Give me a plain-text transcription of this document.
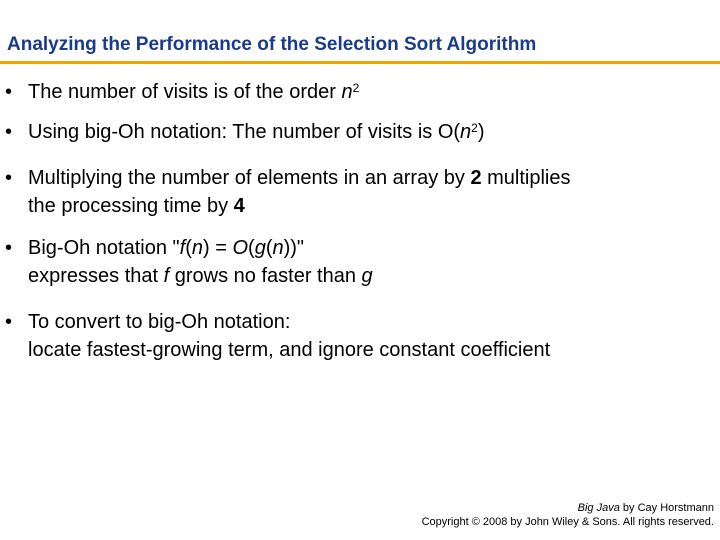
Analyzing the Performance of the Selection Sort Algorithm
• The number of visits is of the order $n^2$
• Using big-Oh notation: The number of visits is $O(n^2)$
• Multiplying the number of elements in an array by 2 multiplies
the processing time by 4
• Big-Oh notation "f(n) = O(g(n))"
expresses that f grows no faster than g
• To convert to big-Oh notation:
locate fastest-growing term, and ignore constant coefficient
Big Java by Cay Horstmann
Copyright © 2008 by John Wiley & Sons. All rights reserved.
